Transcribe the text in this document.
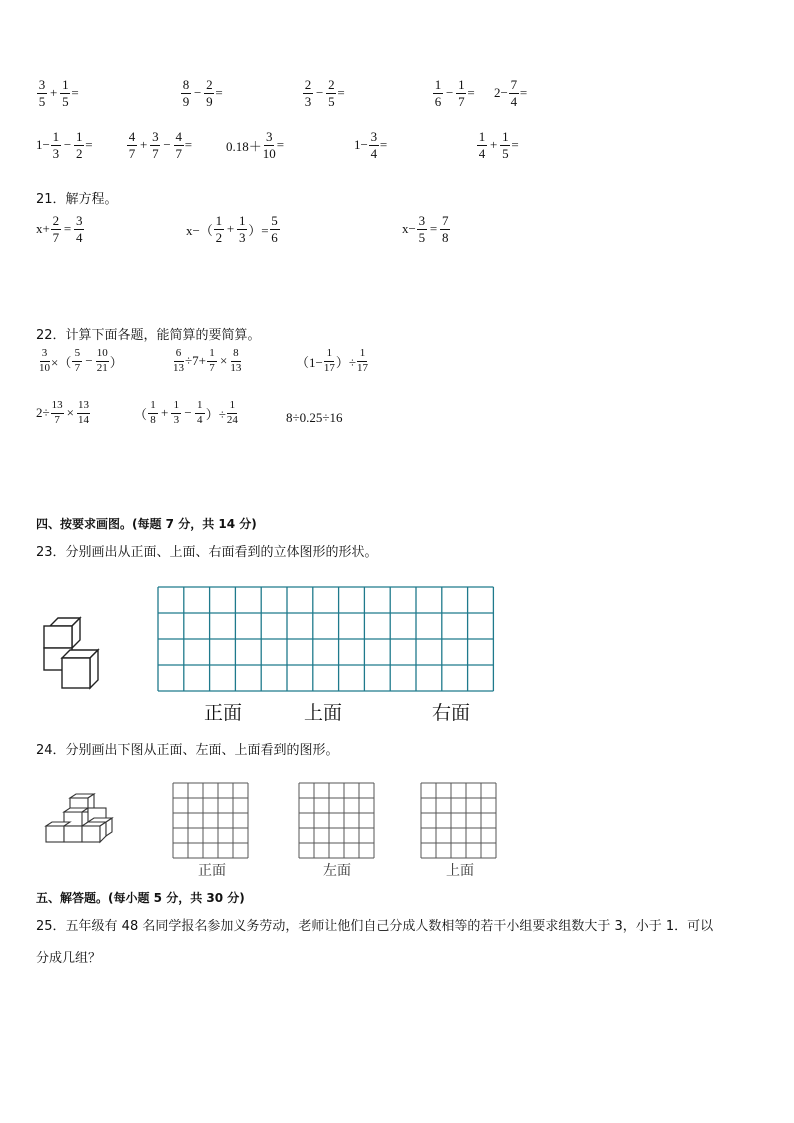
$\frac{3}{5} + \frac{1}{5}$ =	$\frac{8}{9} - \frac{2}{9}$ =	$\frac{2}{3} - \frac{2}{5}$ =	$\frac{1}{6} - \frac{1}{7} = 2- \frac{7}{4}$ =
$1- \frac{1}{3} - \frac{1}{2}$ =	$\frac{4}{7} + \frac{3}{7} - \frac{4}{7}$ =	$0.18+ \frac{3}{10}$ =	$1- \frac{3}{4}$ =	$\frac{1}{4} + \frac{1}{5}$ =
21．解方程。
$x+ \frac{2}{7} = \frac{3}{4}$	$x-( \frac{1}{2} + \frac{1}{3}$ ）= $\frac{5}{6}$	$x- \frac{3}{5} = \frac{7}{8}$
22．计算下面各题，能简算的要简算。
$\frac{3}{10}$ ×（ $\frac{5}{7} - \frac{10}{21}$ ）	$\frac{6}{13} \div 7+ \frac{1}{7} \times \frac{8}{13}$	（$1- \frac{1}{17}$ ）÷ $\frac{1}{17}$
$2\div \frac{13}{7} \times \frac{13}{14}$	（ $\frac{1}{8} + \frac{1}{3} - \frac{1}{4}$ ）÷ $\frac{1}{24}$	8÷0.25÷16
四、按要求画图。(每题 7 分，共 14 分)
23．分别画出从正面、上面、右面看到的立体图形的形状。
正面	上面	右面
24．分别画出下图从正面、左面、上面看到的图形。
正面	左面	上面
五、解答题。(每小题 5 分，共 30 分)
25．五年级有 48 名同学报名参加义务劳动，老师让他们自己分成人数相等的若干小组要求组数大于 3，小于 1．可以
分成几组？
